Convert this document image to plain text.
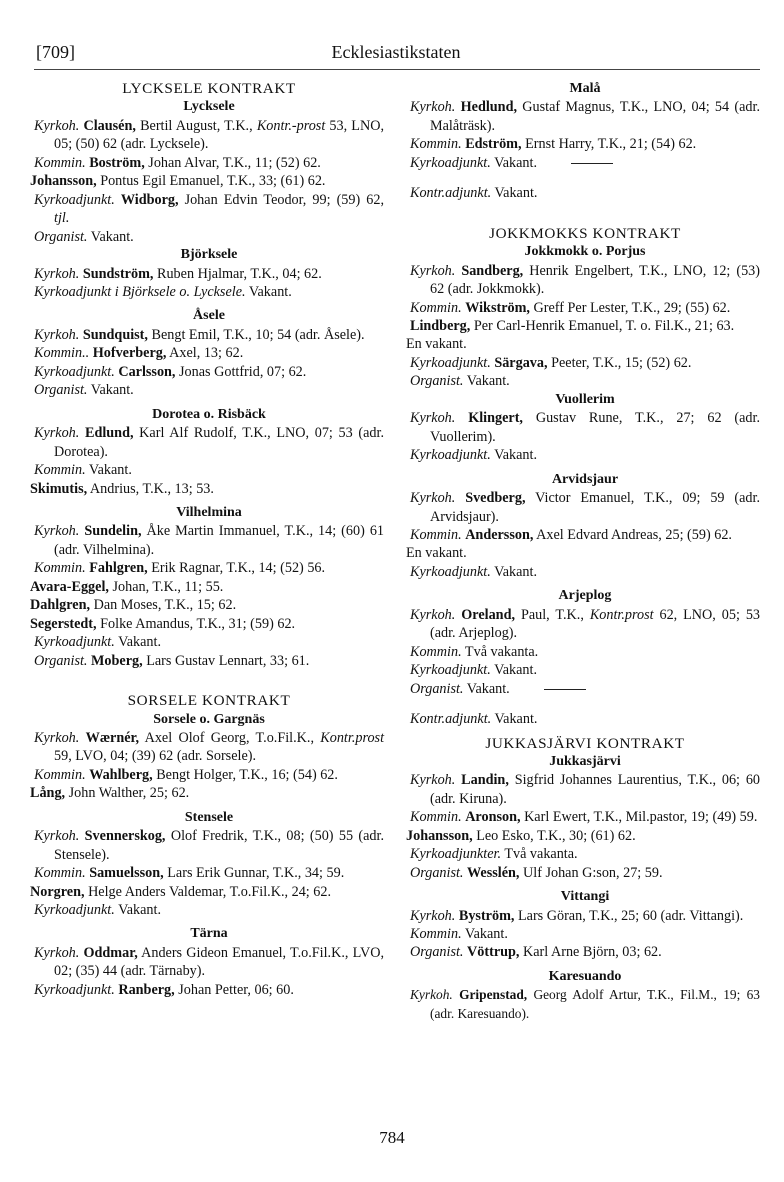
[709]	Ecklesiastikstaten
LYCKSELE KONTRAKT
Lycksele
Kyrkoh. Clausén, Bertil August, T.K., Kontr.-prost 53, LNO, 05; (50) 62 (adr. Lycksele).
Kommin. Boström, Johan Alvar, T.K., 11; (52) 62.
Johansson, Pontus Egil Emanuel, T.K., 33; (61) 62.
Kyrkoadjunkt. Widborg, Johan Edvin Teodor, 99; (59) 62, tjl.
Organist. Vakant.
Björksele
Kyrkoh. Sundström, Ruben Hjalmar, T.K., 04; 62.
Kyrkoadjunkt i Björksele o. Lycksele. Vakant.
Åsele
Kyrkoh. Sundquist, Bengt Emil, T.K., 10; 54 (adr. Åsele).
Kommin.. Hofverberg, Axel, 13; 62.
Kyrkoadjunkt. Carlsson, Jonas Gottfrid, 07; 62.
Organist. Vakant.
Dorotea o. Risbäck
Kyrkoh. Edlund, Karl Alf Rudolf, T.K., LNO, 07; 53 (adr. Dorotea).
Kommin. Vakant.
Skimutis, Andrius, T.K., 13; 53.
Vilhelmina
Kyrkoh. Sundelin, Åke Martin Immanuel, T.K., 14; (60) 61 (adr. Vilhelmina).
Kommin. Fahlgren, Erik Ragnar, T.K., 14; (52) 56.
Avara-Eggel, Johan, T.K., 11; 55.
Dahlgren, Dan Moses, T.K., 15; 62.
Segerstedt, Folke Amandus, T.K., 31; (59) 62.
Kyrkoadjunkt. Vakant.
Organist. Moberg, Lars Gustav Lennart, 33; 61.
SORSELE KONTRAKT
Sorsele o. Gargnäs
Kyrkoh. Wærnér, Axel Olof Georg, T.o.Fil.K., Kontr.prost 59, LVO, 04; (39) 62 (adr. Sorsele).
Kommin. Wahlberg, Bengt Holger, T.K., 16; (54) 62.
Lång, John Walther, 25; 62.
Stensele
Kyrkoh. Svennerskog, Olof Fredrik, T.K., 08; (50) 55 (adr. Stensele).
Kommin. Samuelsson, Lars Erik Gunnar, T.K., 34; 59.
Norgren, Helge Anders Valdemar, T.o.Fil.K., 24; 62.
Kyrkoadjunkt. Vakant.
Tärna
Kyrkoh. Oddmar, Anders Gideon Emanuel, T.o.Fil.K., LVO, 02; (35) 44 (adr. Tärnaby).
Kyrkoadjunkt. Ranberg, Johan Petter, 06; 60.
Malå
Kyrkoh. Hedlund, Gustaf Magnus, T.K., LNO, 04; 54 (adr. Malåträsk).
Kommin. Edström, Ernst Harry, T.K., 21; (54) 62.
Kyrkoadjunkt. Vakant.
Kontr.adjunkt. Vakant.
JOKKMOKKS KONTRAKT
Jokkmokk o. Porjus
Kyrkoh. Sandberg, Henrik Engelbert, T.K., LNO, 12; (53) 62 (adr. Jokkmokk).
Kommin. Wikström, Greff Per Lester, T.K., 29; (55) 62.
Lindberg, Per Carl-Henrik Emanuel, T. o. Fil.K., 21; 63.
En vakant.
Kyrkoadjunkt. Särgava, Peeter, T.K., 15; (52) 62.
Organist. Vakant.
Vuollerim
Kyrkoh. Klingert, Gustav Rune, T.K., 27; 62 (adr. Vuollerim).
Kyrkoadjunkt. Vakant.
Arvidsjaur
Kyrkoh. Svedberg, Victor Emanuel, T.K., 09; 59 (adr. Arvidsjaur).
Kommin. Andersson, Axel Edvard Andreas, 25; (59) 62.
En vakant.
Kyrkoadjunkt. Vakant.
Arjeplog
Kyrkoh. Oreland, Paul, T.K., Kontr.prost 62, LNO, 05; 53 (adr. Arjeplog).
Kommin. Två vakanta.
Kyrkoadjunkt. Vakant.
Organist. Vakant.
Kontr.adjunkt. Vakant.
JUKKASJÄRVI KONTRAKT
Jukkasjärvi
Kyrkoh. Landin, Sigfrid Johannes Laurentius, T.K., 06; 60 (adr. Kiruna).
Kommin. Aronson, Karl Ewert, T.K., Mil.pastor, 19; (49) 59.
Johansson, Leo Esko, T.K., 30; (61) 62.
Kyrkoadjunkter. Två vakanta.
Organist. Wesslén, Ulf Johan G:son, 27; 59.
Vittangi
Kyrkoh. Byström, Lars Göran, T.K., 25; 60 (adr. Vittangi).
Kommin. Vakant.
Organist. Vöttrup, Karl Arne Björn, 03; 62.
Karesuando
Kyrkoh. Gripenstad, Georg Adolf Artur, T.K., Fil.M., 19; 63 (adr. Karesuando).
784
